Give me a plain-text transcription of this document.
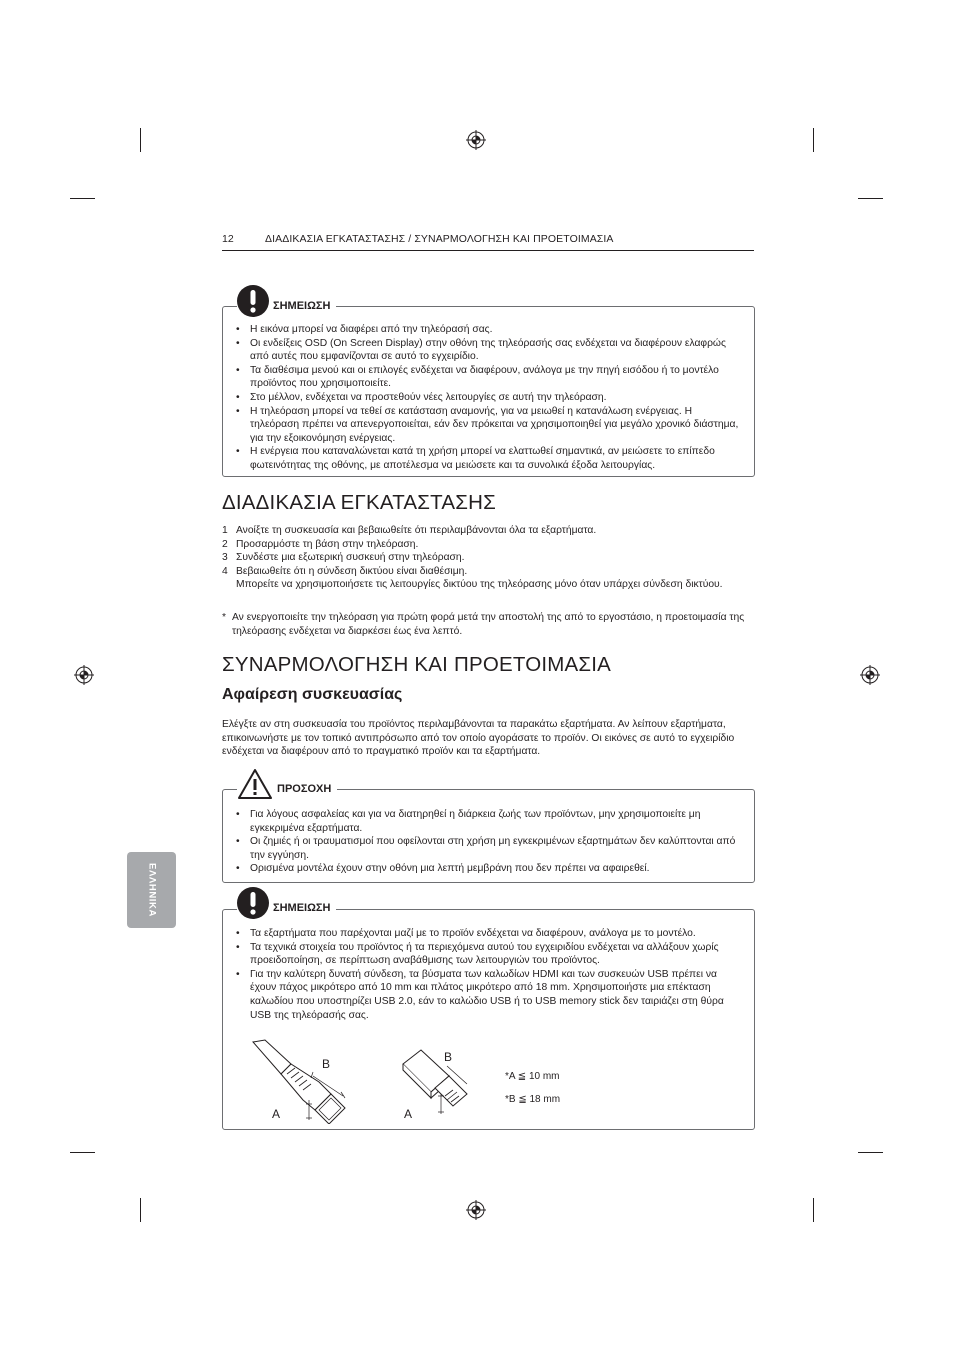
12	ΔΙΑΔΙΚΑΣΙΑ ΕΓΚΑΤΑΣΤΑΣΗΣ / ΣΥΝΑΡΜΟΛΟΓΗΣΗ ΚΑΙ ΠΡΟΕΤΟΙΜΑΣΙΑ
• Η εικόνα μπορεί να διαφέρει από την τηλεόρασή σας.
• Οι ενδείξεις OSD (On Screen Display) στην οθόνη της τηλεόρασής σας ενδέχεται να διαφέρουν ελαφρώς από αυτές που εμφανίζονται σε αυτό το εγχειρίδιο.
• Τα διαθέσιμα μενού και οι επιλογές ενδέχεται να διαφέρουν, ανάλογα με την πηγή εισόδου ή το μοντέλο προϊόντος που χρησιμοποιείτε.
• Στο μέλλον, ενδέχεται να προστεθούν νέες λειτουργίες σε αυτή την τηλεόραση.
• Η τηλεόραση μπορεί να τεθεί σε κατάσταση αναμονής, για να μειωθεί η κατανάλωση ενέργειας. Η τηλεόραση πρέπει να απενεργοποιείται, εάν δεν πρόκειται να χρησιμοποιηθεί για μεγάλο χρονικό διάστημα, για την εξοικονόμηση ενέργειας.
• Η ενέργεια που καταναλώνεται κατά τη χρήση μπορεί να ελαττωθεί σημαντικά, αν μειώσετε το επίπεδο φωτεινότητας της οθόνης, με αποτέλεσμα να μειώσετε και τα συνολικά έξοδα λειτουργίας.
ΣΗΜΕΙΩΣΗ
ΔΙΑΔΙΚΑΣΙΑ ΕΓΚΑΤΑΣΤΑΣΗΣ
1 Ανοίξτε τη συσκευασία και βεβαιωθείτε ότι περιλαμβάνονται όλα τα εξαρτήματα.
2 Προσαρμόστε τη βάση στην τηλεόραση.
3 Συνδέστε μια εξωτερική συσκευή στην τηλεόραση.
4 Βεβαιωθείτε ότι η σύνδεση δικτύου είναι διαθέσιμη.
Μπορείτε να χρησιμοποιήσετε τις λειτουργίες δικτύου της τηλεόρασης μόνο όταν υπάρχει σύνδεση δικτύου.
* Αν ενεργοποιείτε την τηλεόραση για πρώτη φορά μετά την αποστολή της από το εργοστάσιο, η προετοιμασία της τηλεόρασης ενδέχεται να διαρκέσει έως ένα λεπτό.
ΣΥΝΑΡΜΟΛΟΓΗΣΗ ΚΑΙ ΠΡΟΕΤΟΙΜΑΣΙΑ
Αφαίρεση συσκευασίας
Ελέγξτε αν στη συσκευασία του προϊόντος περιλαμβάνονται τα παρακάτω εξαρτήματα. Αν λείπουν εξαρτήματα, επικοινωνήστε με τον τοπικό αντιπρόσωπο από τον οποίο αγοράσατε το προϊόν. Οι εικόνες σε αυτό το εγχειρίδιο ενδέχεται να διαφέρουν από το πραγματικό προϊόν και τα εξαρτήματα.
• Για λόγους ασφαλείας και για να διατηρηθεί η διάρκεια ζωής των προϊόντων, μην χρησιμοποιείτε μη εγκεκριμένα εξαρτήματα.
• Οι ζημιές ή οι τραυματισμοί που οφείλονται στη χρήση μη εγκεκριμένων εξαρτημάτων δεν καλύπτονται από την εγγύηση.
• Ορισμένα μοντέλα έχουν στην οθόνη μια λεπτή μεμβράνη που δεν πρέπει να αφαιρεθεί.
ΠΡΟΣΟΧΗ
• Τα εξαρτήματα που παρέχονται μαζί με το προϊόν ενδέχεται να διαφέρουν, ανάλογα με το μοντέλο.
• Τα τεχνικά στοιχεία του προϊόντος ή τα περιεχόμενα αυτού του εγχειριδίου ενδέχεται να αλλάξουν χωρίς προειδοποίηση, σε περίπτωση αναβάθμισης των λειτουργιών του προϊόντος.
• Για την καλύτερη δυνατή σύνδεση, τα βύσματα των καλωδίων HDMI και των συσκευών USB πρέπει να έχουν πάχος μικρότερο από 10 mm και πλάτος μικρότερο από 18 mm. Χρησιμοποιήστε μια επέκταση καλωδίου που υποστηρίζει USB 2.0, εάν το καλώδιο USB ή το USB memory stick δεν ταιριάζει στη θύρα USB της τηλεόρασής σας.
B
A
B
A
*A ≦ 10 mm
*B ≦ 18 mm
ΣΗΜΕΙΩΣΗ
ΕΛΛΗΝΙΚΑ
